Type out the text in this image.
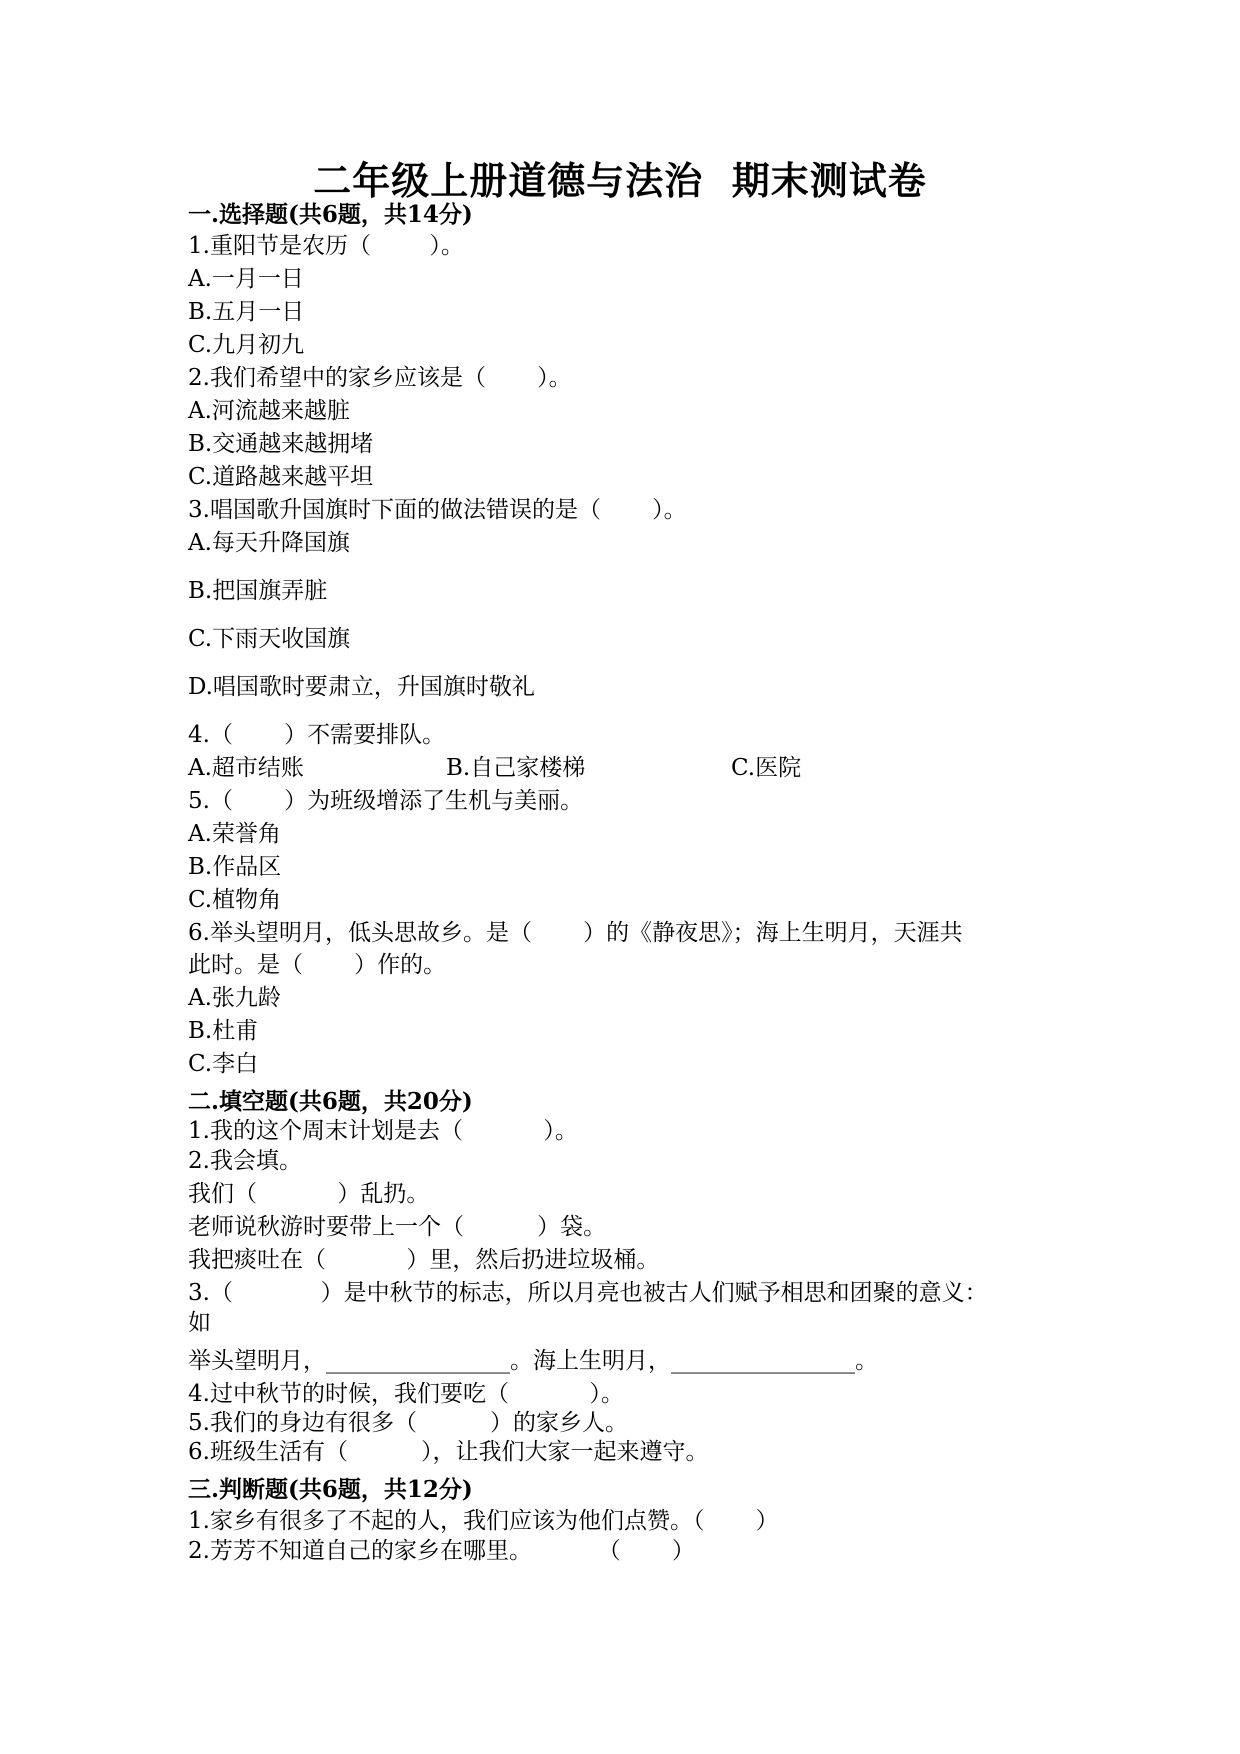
二年级上册道德与法治  期末测试卷
一.选择题(共6题，共14分)
1.重阳节是农历（        ）。
A.一月一日
B.五月一日
C.九月初九
2.我们希望中的家乡应该是（       ）。
A.河流越来越脏
B.交通越来越拥堵
C.道路越来越平坦
3.唱国歌升国旗时下面的做法错误的是（       ）。
A.每天升降国旗
B.把国旗弄脏
C.下雨天收国旗
D.唱国歌时要肃立，升国旗时敬礼
4.（       ）不需要排队。
A.超市结账	B.自己家楼梯	C.医院
5.（       ）为班级增添了生机与美丽。
A.荣誉角
B.作品区
C.植物角
6.举头望明月，低头思故乡。是（       ）的《静夜思》；海上生明月，天涯共
此时。是（       ）作的。
A.张九龄
B.杜甫
C.李白
二.填空题(共6题，共20分)
1.我的这个周末计划是去（           ）。
2.我会填。
我们（           ）乱扔。
老师说秋游时要带上一个（          ）袋。
我把痰吐在（           ）里，然后扔进垃圾桶。
3.（            ）是中秋节的标志，所以月亮也被古人们赋予相思和团聚的意义：
如
举头望明月，________________。海上生明月，________________。
4.过中秋节的时候，我们要吃（           ）。
5.我们的身边有很多（          ）的家乡人。
6.班级生活有（          ），让我们大家一起来遵守。
三.判断题(共6题，共12分)
1.家乡有很多了不起的人，我们应该为他们点赞。（       ）
2.芳芳不知道自己的家乡在哪里。         （       ）
